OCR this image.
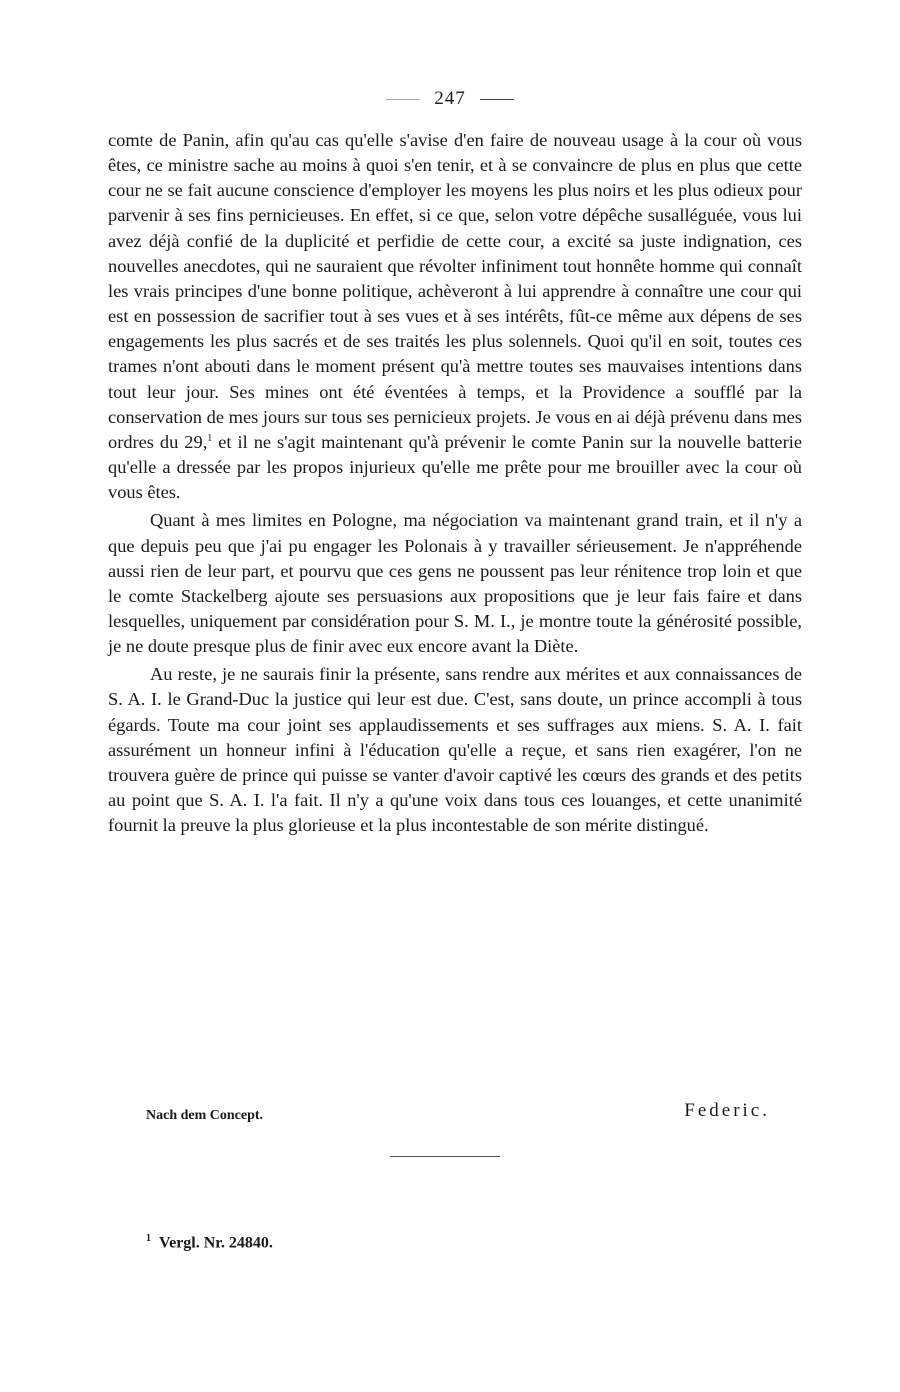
247

comte de Panin, afin qu'au cas qu'elle s'avise d'en faire de nouveau usage à la cour où vous êtes, ce ministre sache au moins à quoi s'en tenir, et à se convaincre de plus en plus que cette cour ne se fait aucune conscience d'employer les moyens les plus noirs et les plus odieux pour parvenir à ses fins pernicieuses. En effet, si ce que, selon votre dépêche susalléguée, vous lui avez déjà confié de la duplicité et perfidie de cette cour, a excité sa juste indignation, ces nouvelles anecdotes, qui ne sauraient que révolter infiniment tout honnête homme qui connaît les vrais principes d'une bonne politique, achèveront à lui apprendre à connaître une cour qui est en possession de sacrifier tout à ses vues et à ses intérêts, fût-ce même aux dépens de ses engagements les plus sacrés et de ses traités les plus solennels. Quoi qu'il en soit, toutes ces trames n'ont abouti dans le moment présent qu'à mettre toutes ses mauvaises intentions dans tout leur jour. Ses mines ont été éventées à temps, et la Providence a soufflé par la conservation de mes jours sur tous ses pernicieux projets. Je vous en ai déjà prévenu dans mes ordres du 29,$^1$ et il ne s'agit maintenant qu'à prévenir le comte Panin sur la nouvelle batterie qu'elle a dressée par les propos injurieux qu'elle me prête pour me brouiller avec la cour où vous êtes.

Quant à mes limites en Pologne, ma négociation va maintenant grand train, et il n'y a que depuis peu que j'ai pu engager les Polonais à y travailler sérieusement. Je n'appréhende aussi rien de leur part, et pourvu que ces gens ne poussent pas leur rénitence trop loin et que le comte Stackelberg ajoute ses persuasions aux propositions que je leur fais faire et dans lesquelles, uniquement par considération pour S. M. I., je montre toute la générosité possible, je ne doute presque plus de finir avec eux encore avant la Diète.

Au reste, je ne saurais finir la présente, sans rendre aux mérites et aux connaissances de S. A. I. le Grand-Duc la justice qui leur est due. C'est, sans doute, un prince accompli à tous égards. Toute ma cour joint ses applaudissements et ses suffrages aux miens. S. A. I. fait assurément un honneur infini à l'éducation qu'elle a reçue, et sans rien exagérer, l'on ne trouvera guère de prince qui puisse se vanter d'avoir captivé les cœurs des grands et des petits au point que S. A. I. l'a fait. Il n'y a qu'une voix dans tous ces louanges, et cette unanimité fournit la preuve la plus glorieuse et la plus incontestable de son mérite distingué.

Nach dem Concept.	Federic.
$^1$ Vergl. Nr. 24840.
